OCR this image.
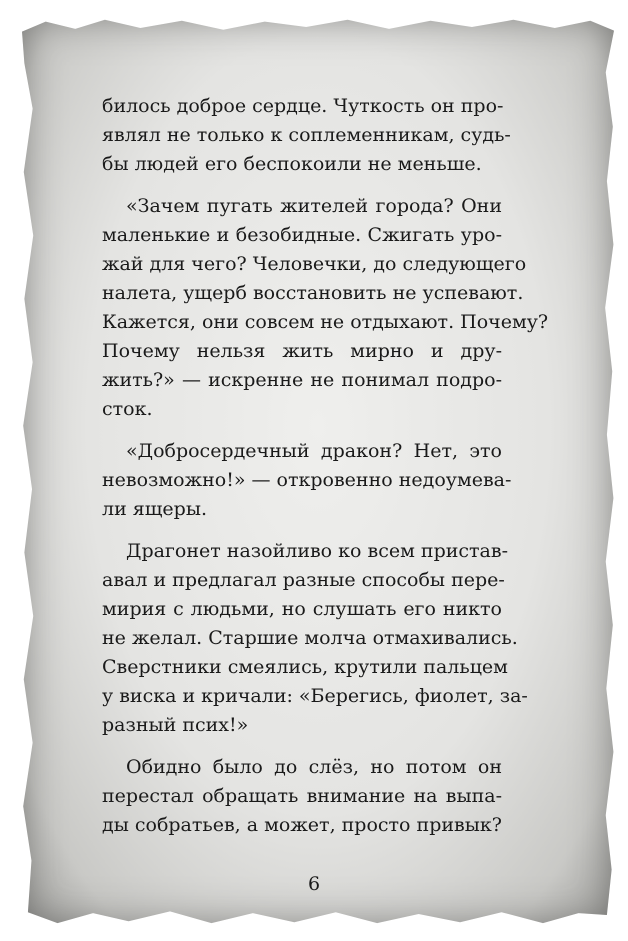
билось доброе сердце. Чуткость он про-
являл не только к соплеменникам, судь-
бы людей его беспокоили не меньше.
«Зачем пугать жителей города? Они
маленькие и безобидные. Сжигать уро-
жай для чего? Человечки, до следующего
налета, ущерб восстановить не успевают.
Кажется, они совсем не отдыхают. Почему?
Почему нельзя жить мирно и дру-
жить?» — искренне не понимал подро-
сток.
«Добросердечный дракон? Нет, это
невозможно!» — откровенно недоумева-
ли ящеры.
Драгонет назойливо ко всем пристав-
авал и предлагал разные способы пере-
мирия с людьми, но слушать его никто
не желал. Старшие молча отмахивались.
Сверстники смеялись, крутили пальцем
у виска и кричали: «Берегись, фиолет, за-
разный псих!»
Обидно было до слёз, но потом он
перестал обращать внимание на выпа-
ды собратьев, а может, просто привык?
6
